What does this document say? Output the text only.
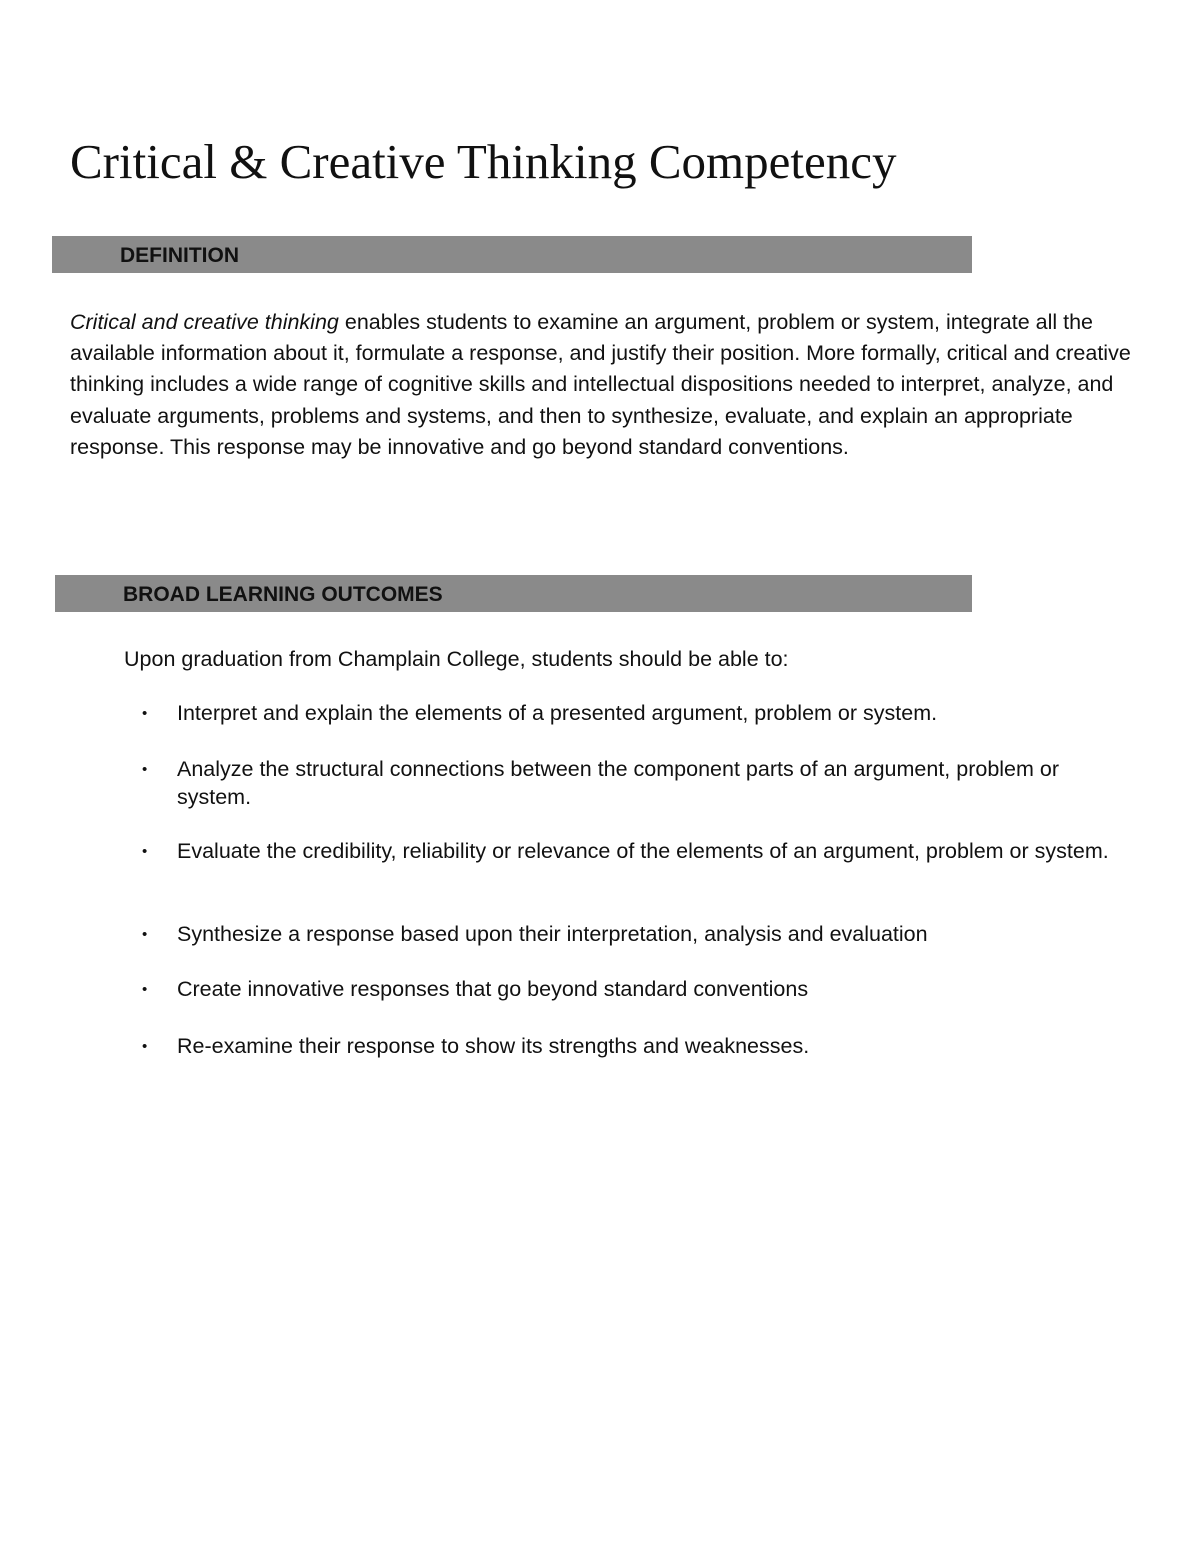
Critical & Creative Thinking Competency
DEFINITION

Critical and creative thinking enables students to examine an argument, problem or system, integrate all the available information about it, formulate a response, and justify their position. More formally, critical and creative thinking includes a wide range of cognitive skills and intellectual dispositions needed to interpret, analyze, and evaluate arguments, problems and systems, and then to synthesize, evaluate, and explain an appropriate response. This response may be innovative and go beyond standard conventions.

BROAD LEARNING OUTCOMES

Upon graduation from Champlain College, students should be able to:

• Interpret and explain the elements of a presented argument, problem or system.
• Analyze the structural connections between the component parts of an argument, problem or system.
• Evaluate the credibility, reliability or relevance of the elements of an argument, problem or system.
• Synthesize a response based upon their interpretation, analysis and evaluation
• Create innovative responses that go beyond standard conventions
• Re-examine their response to show its strengths and weaknesses.
